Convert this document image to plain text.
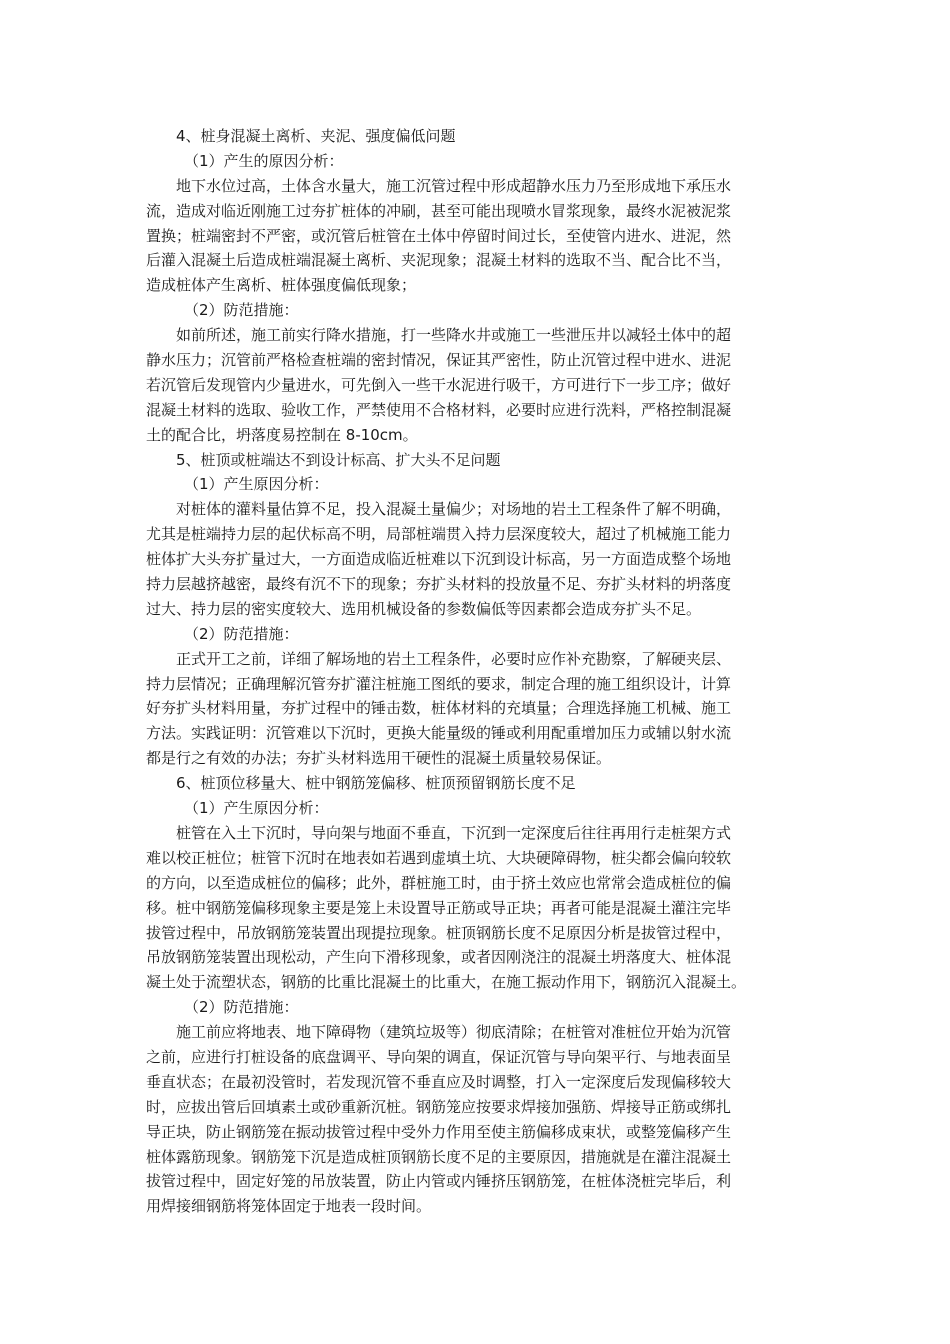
4、桩身混凝土离析、夹泥、强度偏低问题
（1）产生的原因分析：
地下水位过高，土体含水量大，施工沉管过程中形成超静水压力乃至形成地下承压水
流，造成对临近刚施工过夯扩桩体的冲刷，甚至可能出现喷水冒浆现象，最终水泥被泥浆
置换；桩端密封不严密，或沉管后桩管在土体中停留时间过长，至使管内进水、进泥，然
后灌入混凝土后造成桩端混凝土离析、夹泥现象；混凝土材料的选取不当、配合比不当，
造成桩体产生离析、桩体强度偏低现象；
（2）防范措施：
如前所述，施工前实行降水措施，打一些降水井或施工一些泄压井以减轻土体中的超
静水压力；沉管前严格检查桩端的密封情况，保证其严密性，防止沉管过程中进水、进泥
若沉管后发现管内少量进水，可先倒入一些干水泥进行吸干，方可进行下一步工序；做好
混凝土材料的选取、验收工作，严禁使用不合格材料，必要时应进行洗料，严格控制混凝
土的配合比，坍落度易控制在 8-10cm。
5、桩顶或桩端达不到设计标高、扩大头不足问题
（1）产生原因分析：
对桩体的灌料量估算不足，投入混凝土量偏少；对场地的岩土工程条件了解不明确，
尤其是桩端持力层的起伏标高不明，局部桩端贯入持力层深度较大，超过了机械施工能力
桩体扩大头夯扩量过大，一方面造成临近桩难以下沉到设计标高，另一方面造成整个场地
持力层越挤越密，最终有沉不下的现象；夯扩头材料的投放量不足、夯扩头材料的坍落度
过大、持力层的密实度较大、选用机械设备的参数偏低等因素都会造成夯扩头不足。
（2）防范措施：
正式开工之前，详细了解场地的岩土工程条件，必要时应作补充勘察，了解硬夹层、
持力层情况；正确理解沉管夯扩灌注桩施工图纸的要求，制定合理的施工组织设计，计算
好夯扩头材料用量，夯扩过程中的锤击数，桩体材料的充填量；合理选择施工机械、施工
方法。实践证明：沉管难以下沉时，更换大能量级的锤或利用配重增加压力或辅以射水流
都是行之有效的办法；夯扩头材料选用干硬性的混凝土质量较易保证。
6、桩顶位移量大、桩中钢筋笼偏移、桩顶预留钢筋长度不足
（1）产生原因分析：
桩管在入土下沉时，导向架与地面不垂直，下沉到一定深度后往往再用行走桩架方式
难以校正桩位；桩管下沉时在地表如若遇到虚填土坑、大块硬障碍物，桩尖都会偏向较软
的方向，以至造成桩位的偏移；此外，群桩施工时，由于挤土效应也常常会造成桩位的偏
移。桩中钢筋笼偏移现象主要是笼上未设置导正筋或导正块；再者可能是混凝土灌注完毕
拔管过程中，吊放钢筋笼装置出现提拉现象。桩顶钢筋长度不足原因分析是拔管过程中，
吊放钢筋笼装置出现松动，产生向下滑移现象，或者因刚浇注的混凝土坍落度大、桩体混
凝土处于流塑状态，钢筋的比重比混凝土的比重大，在施工振动作用下，钢筋沉入混凝土。
（2）防范措施：
施工前应将地表、地下障碍物（建筑垃圾等）彻底清除；在桩管对准桩位开始为沉管
之前，应进行打桩设备的底盘调平、导向架的调直，保证沉管与导向架平行、与地表面呈
垂直状态；在最初没管时，若发现沉管不垂直应及时调整，打入一定深度后发现偏移较大
时，应拔出管后回填素土或砂重新沉桩。钢筋笼应按要求焊接加强筋、焊接导正筋或绑扎
导正块，防止钢筋笼在振动拔管过程中受外力作用至使主筋偏移成束状，或整笼偏移产生
桩体露筋现象。钢筋笼下沉是造成桩顶钢筋长度不足的主要原因，措施就是在灌注混凝土
拔管过程中，固定好笼的吊放装置，防止内管或内锤挤压钢筋笼，在桩体浇桩完毕后，利
用焊接细钢筋将笼体固定于地表一段时间。
